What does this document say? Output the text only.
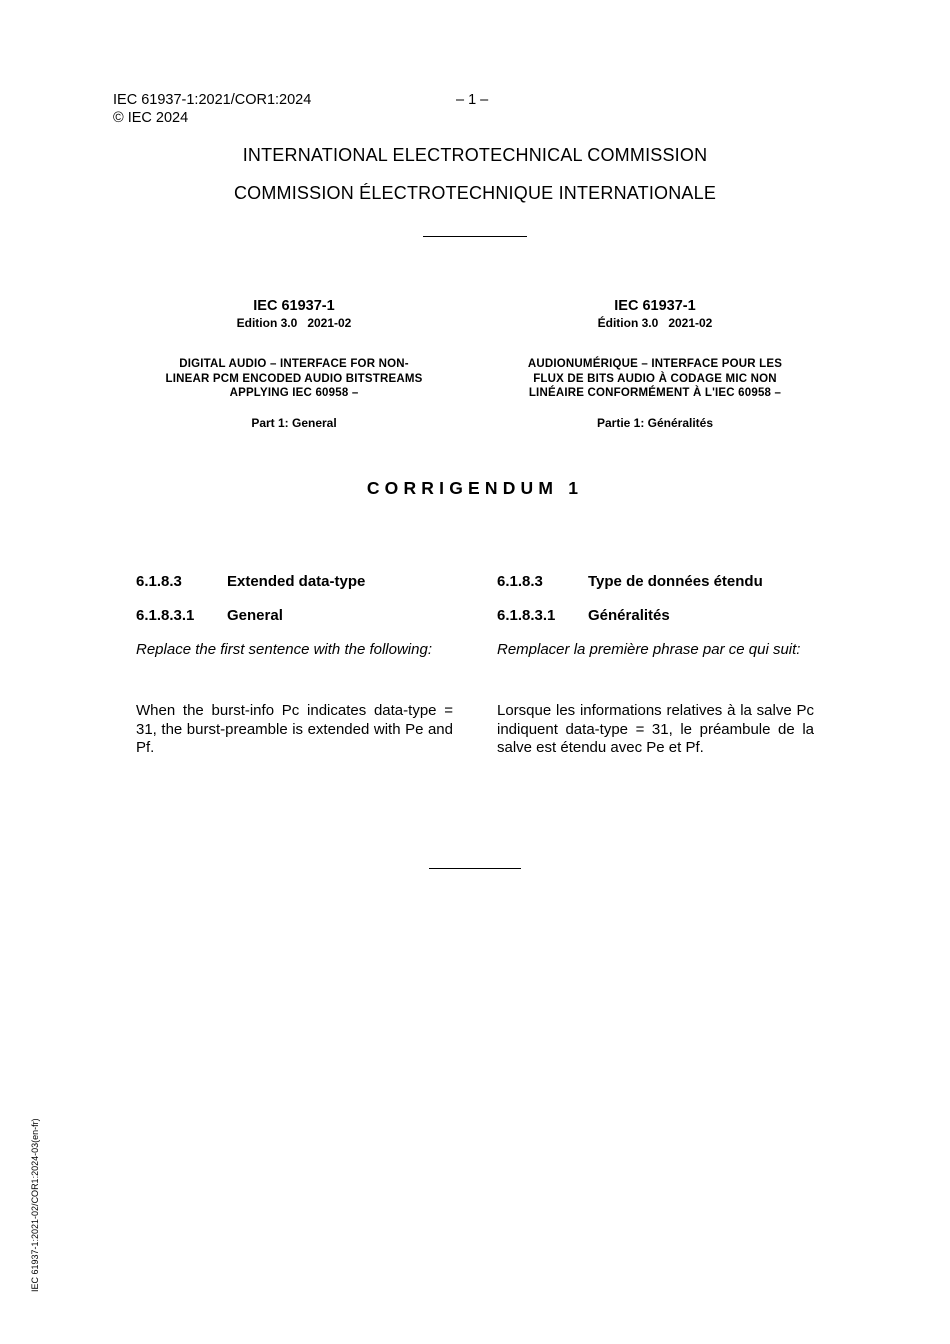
IEC 61937-1:2021/COR1:2024	– 1 –
© IEC 2024
INTERNATIONAL ELECTROTECHNICAL COMMISSION
COMMISSION ÉLECTROTECHNIQUE INTERNATIONALE
IEC 61937-1
Edition 3.0   2021-02
DIGITAL AUDIO – INTERFACE FOR NON-
LINEAR PCM ENCODED AUDIO BITSTREAMS
APPLYING IEC 60958 –
Part 1: General
IEC 61937-1
Édition 3.0   2021-02
AUDIONUMÉRIQUE – INTERFACE POUR LES
FLUX DE BITS AUDIO À CODAGE MIC NON
LINÉAIRE CONFORMÉMENT À L'IEC 60958 –
Partie 1: Généralités
CORRIGENDUM 1
6.1.8.3	Extended data-type
6.1.8.3.1 General
Replace the first sentence with the following:
When the burst-info Pc indicates data-type = 31, the burst-preamble is extended with Pe and Pf.
6.1.8.3	Type de données étendu
6.1.8.3.1 Généralités
Remplacer la première phrase par ce qui suit:
Lorsque les informations relatives à la salve Pc indiquent data-type = 31, le préambule de la salve est étendu avec Pe et Pf.
IEC 61937-1:2021-02/COR1:2024-03(en-fr)
